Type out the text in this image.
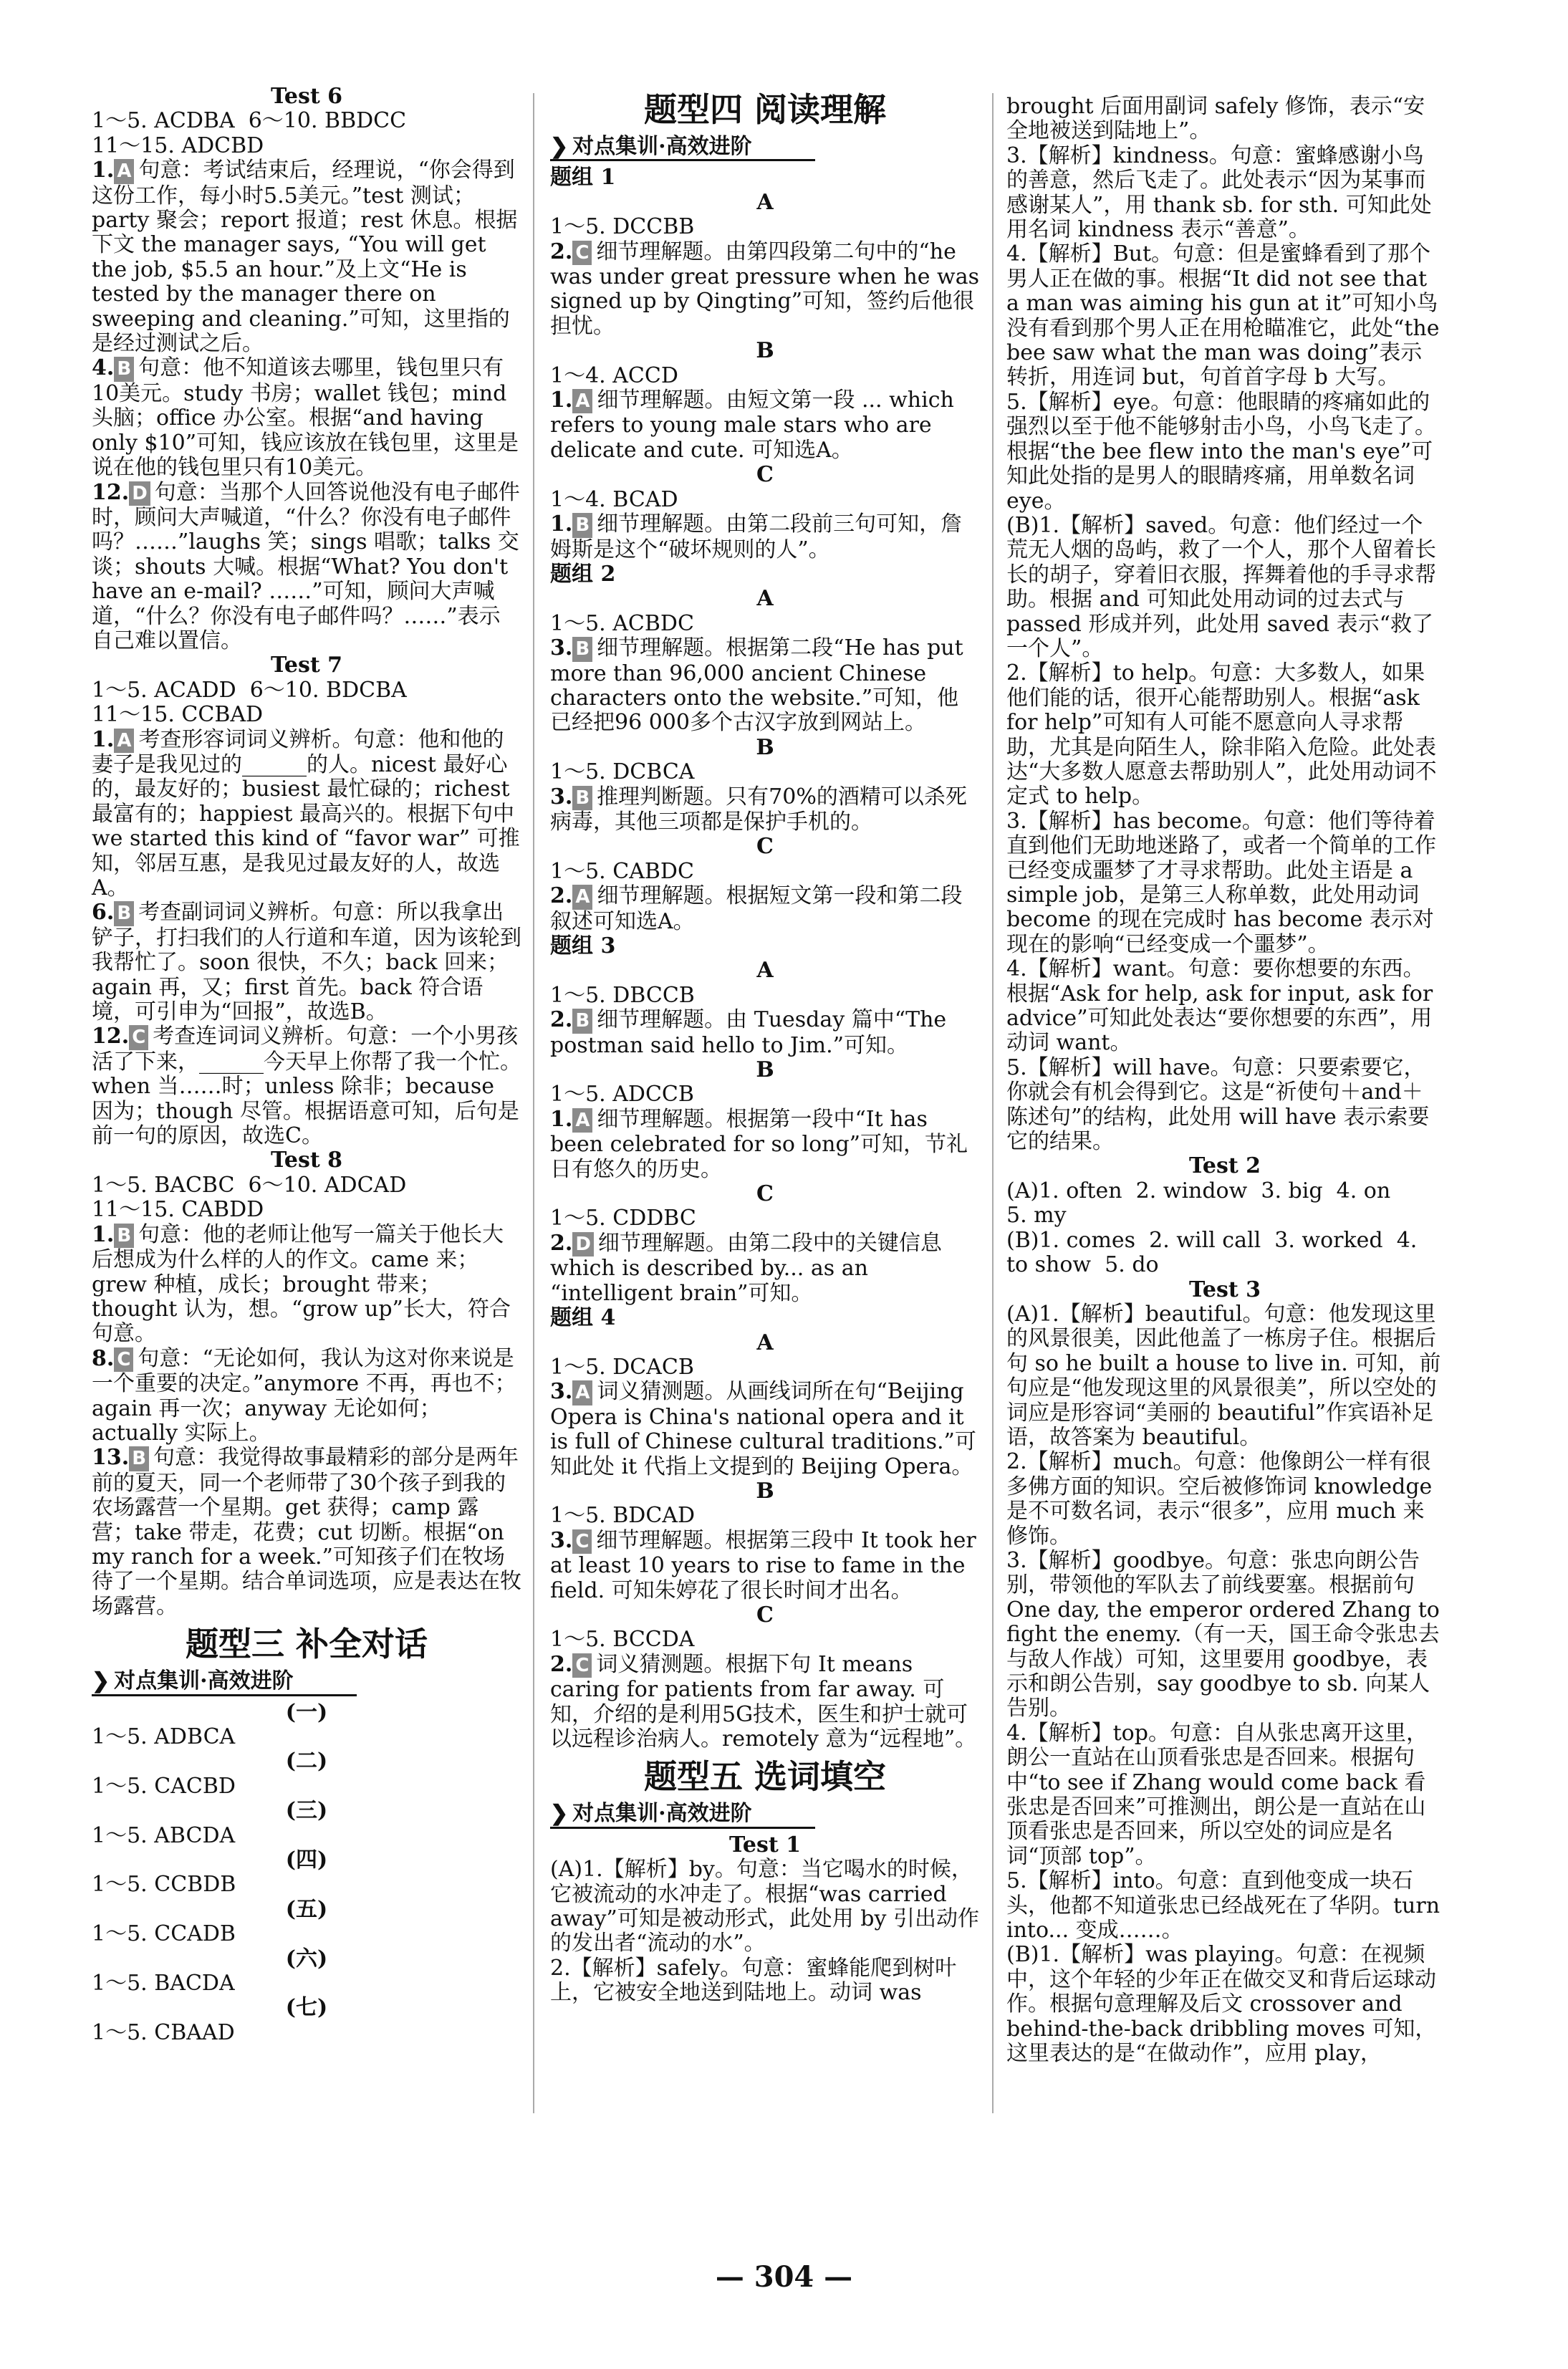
Test 6
1～5. ACDBA  6～10. BBDCC
11～15. ADCBD
1. A 句意：考试结束后，经理说，“你会得到这份工作，每小时5.5美元。”test 测试；party 聚会；report 报道；rest 休息。根据下文 the manager says, “You will get the job, $5.5 an hour.”及上文“He is tested by the manager there on sweeping and cleaning.”可知，这里指的是经过测试之后。
4. B 句意：他不知道该去哪里，钱包里只有10美元。study 书房；wallet 钱包；mind 头脑；office 办公室。根据“and having only $10”可知，钱应该放在钱包里，这里是说在他的钱包里只有10美元。
12. D 句意：当那个人回答说他没有电子邮件时，顾问大声喊道，“什么？你没有电子邮件吗？……”laughs 笑；sings 唱歌；talks 交谈；shouts 大喊。根据“What? You don't have an e-mail? ……”可知，顾问大声喊道，“什么？你没有电子邮件吗？……”表示自己难以置信。
Test 7
1～5. ACADD  6～10. BDCBA
11～15. CCBAD
1. A 考查形容词词义辨析。句意：他和他的妻子是我见过的______的人。nicest 最好心的，最友好的；busiest 最忙碌的；richest 最富有的；happiest 最高兴的。根据下句中 we started this kind of “favor war” 可推知，邻居互惠，是我见过最友好的人，故选A。
6. B 考查副词词义辨析。句意：所以我拿出铲子，打扫我们的人行道和车道，因为该轮到我帮忙了。soon 很快，不久；back 回来；again 再，又；first 首先。back 符合语境，可引申为“回报”，故选B。
12. C 考查连词词义辨析。句意：一个小男孩活了下来，______今天早上你帮了我一个忙。when 当……时；unless 除非；because 因为；though 尽管。根据语意可知，后句是前一句的原因，故选C。
Test 8
1～5. BACBC  6～10. ADCAD
11～15. CABDD
1. B 句意：他的老师让他写一篇关于他长大后想成为什么样的人的作文。came 来；grew 种植，成长；brought 带来；thought 认为，想。“grow up”长大，符合句意。
8. C 句意：“无论如何，我认为这对你来说是一个重要的决定。”anymore 不再，再也不；again 再一次；anyway 无论如何；actually 实际上。
13. B 句意：我觉得故事最精彩的部分是两年前的夏天，同一个老师带了30个孩子到我的农场露营一个星期。get 获得；camp 露营；take 带走，花费；cut 切断。根据“on my ranch for a week.”可知孩子们在牧场待了一个星期。结合单词选项，应是表达在牧场露营。
题型三 补全对话
❯ 对点集训·高效进阶
(一)
1～5. ADBCA
(二)
1～5. CACBD
(三)
1～5. ABCDA
(四)
1～5. CCBDB
(五)
1～5. CCADB
(六)
1～5. BACDA
(七)
1～5. CBAAD
题型四 阅读理解
❯ 对点集训·高效进阶
题组 1
A
1～5. DCCBB
2. C 细节理解题。由第四段第二句中的“he was under great pressure when he was signed up by Qingting”可知，签约后他很担忧。
B
1～4. ACCD
1. A 细节理解题。由短文第一段 ... which refers to young male stars who are delicate and cute. 可知选A。
C
1～4. BCAD
1. B 细节理解题。由第二段前三句可知，詹姆斯是这个“破坏规则的人”。
题组 2
A
1～5. ACBDC
3. B 细节理解题。根据第二段“He has put more than 96,000 ancient Chinese characters onto the website.”可知，他已经把96 000多个古汉字放到网站上。
B
1～5. DCBCA
3. B 推理判断题。只有70%的酒精可以杀死病毒，其他三项都是保护手机的。
C
1～5. CABDC
2. A 细节理解题。根据短文第一段和第二段叙述可知选A。
题组 3
A
1～5. DBCCB
2. B 细节理解题。由 Tuesday 篇中“The postman said hello to Jim.”可知。
B
1～5. ADCCB
1. A 细节理解题。根据第一段中“It has been celebrated for so long”可知，节礼日有悠久的历史。
C
1～5. CDDBC
2. D 细节理解题。由第二段中的关键信息 which is described by... as an “intelligent brain”可知。
题组 4
A
1～5. DCACB
3. A 词义猜测题。从画线词所在句“Beijing Opera is China's national opera and it is full of Chinese cultural traditions.”可知此处 it 代指上文提到的 Beijing Opera。
B
1～5. BDCAD
3. C 细节理解题。根据第三段中 It took her at least 10 years to rise to fame in the field. 可知朱婷花了很长时间才出名。
C
1～5. BCCDA
2. C 词义猜测题。根据下句 It means caring for patients from far away. 可知，介绍的是利用5G技术，医生和护士就可以远程诊治病人。remotely 意为“远程地”。
题型五 选词填空
❯ 对点集训·高效进阶
Test 1
(A)1.【解析】by。句意：当它喝水的时候，它被流动的水冲走了。根据“was carried away”可知是被动形式，此处用 by 引出动作的发出者“流动的水”。
2.【解析】safely。句意：蜜蜂能爬到树叶上，它被安全地送到陆地上。动词 was
brought 后面用副词 safely 修饰，表示“安全地被送到陆地上”。
3.【解析】kindness。句意：蜜蜂感谢小鸟的善意，然后飞走了。此处表示“因为某事而感谢某人”，用 thank sb. for sth. 可知此处用名词 kindness 表示“善意”。
4.【解析】But。句意：但是蜜蜂看到了那个男人正在做的事。根据“It did not see that a man was aiming his gun at it”可知小鸟没有看到那个男人正在用枪瞄准它，此处“the bee saw what the man was doing”表示转折，用连词 but，句首首字母 b 大写。
5.【解析】eye。句意：他眼睛的疼痛如此的强烈以至于他不能够射击小鸟，小鸟飞走了。根据“the bee flew into the man's eye”可知此处指的是男人的眼睛疼痛，用单数名词 eye。
(B)1.【解析】saved。句意：他们经过一个荒无人烟的岛屿，救了一个人，那个人留着长长的胡子，穿着旧衣服，挥舞着他的手寻求帮助。根据 and 可知此处用动词的过去式与 passed 形成并列，此处用 saved 表示“救了一个人”。
2.【解析】to help。句意：大多数人，如果他们能的话，很开心能帮助别人。根据“ask for help”可知有人可能不愿意向人寻求帮助，尤其是向陌生人，除非陷入危险。此处表达“大多数人愿意去帮助别人”，此处用动词不定式 to help。
3.【解析】has become。句意：他们等待着直到他们无助地迷路了，或者一个简单的工作已经变成噩梦了才寻求帮助。此处主语是 a simple job，是第三人称单数，此处用动词 become 的现在完成时 has become 表示对现在的影响“已经变成一个噩梦”。
4.【解析】want。句意：要你想要的东西。根据“Ask for help, ask for input, ask for advice”可知此处表达“要你想要的东西”，用动词 want。
5.【解析】will have。句意：只要索要它，你就会有机会得到它。这是“祈使句＋and＋陈述句”的结构，此处用 will have 表示索要它的结果。
Test 2
(A)1. often  2. window  3. big  4. on
5. my
(B)1. comes  2. will call  3. worked  4. to show  5. do
Test 3
(A)1.【解析】beautiful。句意：他发现这里的风景很美，因此他盖了一栋房子住。根据后句 so he built a house to live in. 可知，前句应是“他发现这里的风景很美”，所以空处的词应是形容词“美丽的 beautiful”作宾语补足语，故答案为 beautiful。
2.【解析】much。句意：他像朗公一样有很多佛方面的知识。空后被修饰词 knowledge 是不可数名词，表示“很多”，应用 much 来修饰。
3.【解析】goodbye。句意：张忠向朗公告别，带领他的军队去了前线要塞。根据前句 One day, the emperor ordered Zhang to fight the enemy.（有一天，国王命令张忠去与敌人作战）可知，这里要用 goodbye，表示和朗公告别，say goodbye to sb. 向某人告别。
4.【解析】top。句意：自从张忠离开这里，朗公一直站在山顶看张忠是否回来。根据句中“to see if Zhang would come back 看张忠是否回来”可推测出，朗公是一直站在山顶看张忠是否回来，所以空处的词应是名词“顶部 top”。
5.【解析】into。句意：直到他变成一块石头，他都不知道张忠已经战死在了华阴。turn into... 变成……。
(B)1.【解析】was playing。句意：在视频中，这个年轻的少年正在做交叉和背后运球动作。根据句意理解及后文 crossover and behind-the-back dribbling moves 可知，这里表达的是“在做动作”，应用 play，
— 304 —
